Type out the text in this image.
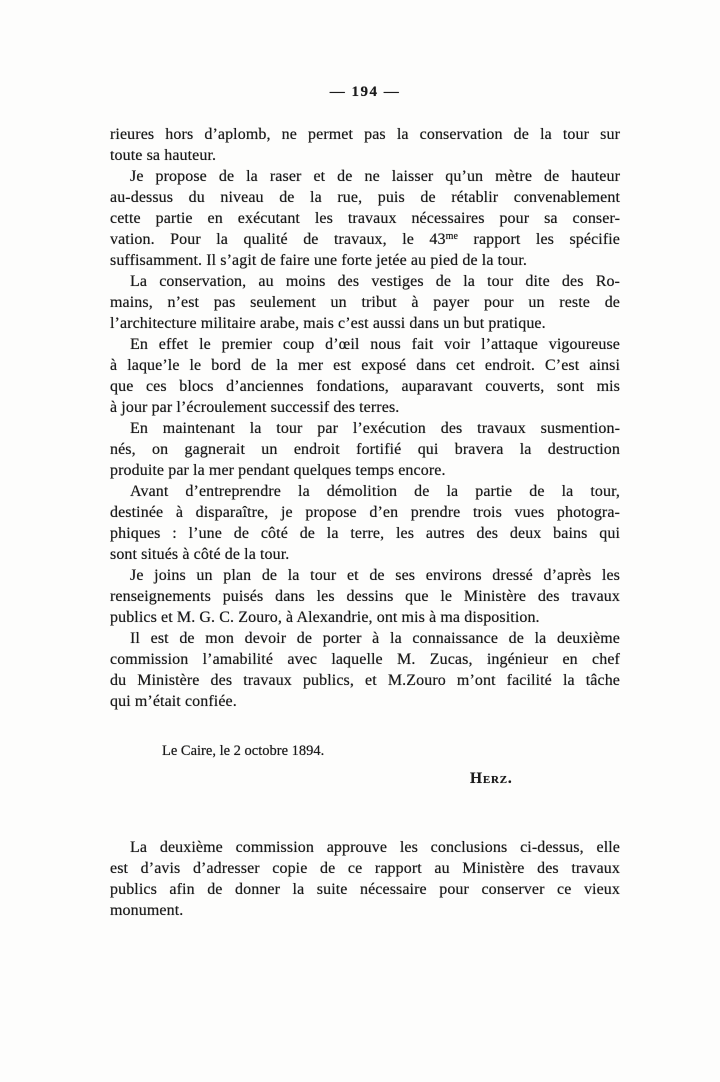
— 194 —
rieures hors d’aplomb, ne permet pas la conservation de la tour sur
toute sa hauteur.
Je propose de la raser et de ne laisser qu’un mètre de hauteur
au-dessus du niveau de la rue, puis de rétablir convenablement
cette partie en exécutant les travaux nécessaires pour sa conser-
vation. Pour la qualité de travaux, le $43^{me}$ rapport les spécifie
suffisamment. Il s’agit de faire une forte jetée au pied de la tour.
La conservation, au moins des vestiges de la tour dite des Ro-
mains, n’est pas seulement un tribut à payer pour un reste de
l’architecture militaire arabe, mais c’est aussi dans un but pratique.
En effet le premier coup d’œil nous fait voir l’attaque vigoureuse
à laque’le le bord de la mer est exposé dans cet endroit. C’est ainsi
que ces blocs d’anciennes fondations, auparavant couverts, sont mis
à jour par l’écroulement successif des terres.
En maintenant la tour par l’exécution des travaux susmention-
nés, on gagnerait un endroit fortifié qui bravera la destruction
produite par la mer pendant quelques temps encore.
Avant d’entreprendre la démolition de la partie de la tour,
destinée à disparaître, je propose d’en prendre trois vues photogra-
phiques : l’une de côté de la terre, les autres des deux bains qui
sont situés à côté de la tour.
Je joins un plan de la tour et de ses environs dressé d’après les
renseignements puisés dans les dessins que le Ministère des travaux
publics et M. G. C. Zouro, à Alexandrie, ont mis à ma disposition.
Il est de mon devoir de porter à la connaissance de la deuxième
commission l’amabilité avec laquelle M. Zucas, ingénieur en chef
du Ministère des travaux publics, et M.Zouro m’ont facilité la tâche
qui m’était confiée.
Le Caire, le 2 octobre 1894.
Herz.
La deuxième commission approuve les conclusions ci-dessus, elle
est d’avis d’adresser copie de ce rapport au Ministère des travaux
publics afin de donner la suite nécessaire pour conserver ce vieux
monument.
